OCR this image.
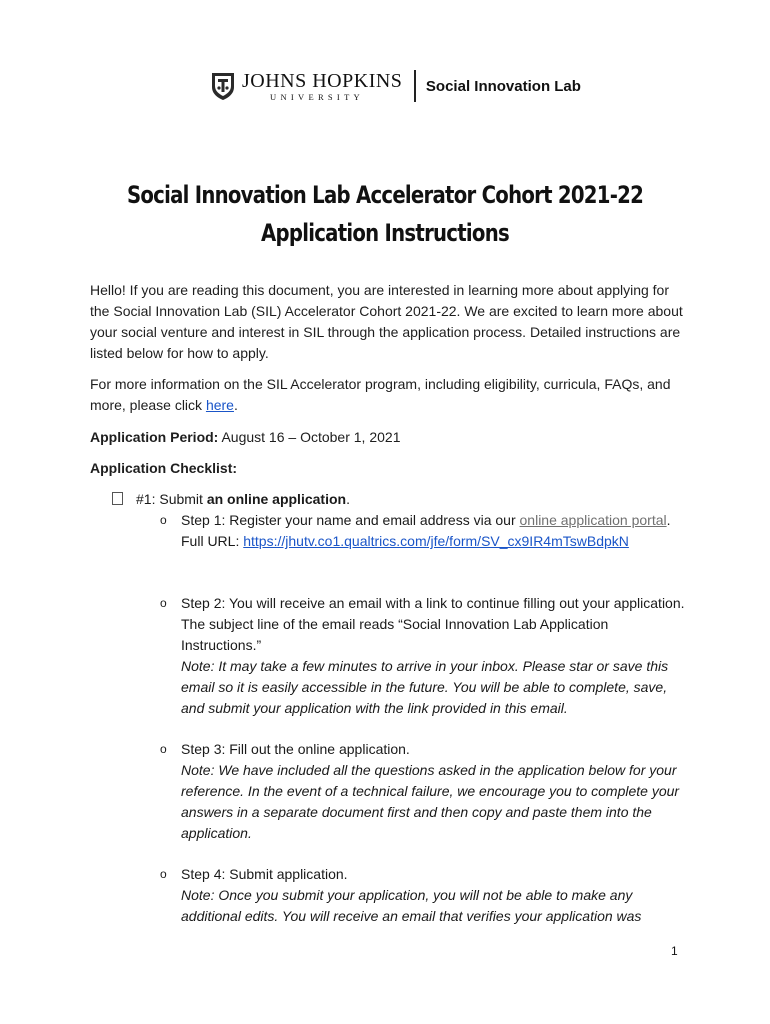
JOHNS HOPKINS
UNIVERSITY
Social Innovation Lab
Social Innovation Lab Accelerator Cohort 2021-22
Application Instructions

Hello! If you are reading this document, you are interested in learning more about applying for the Social Innovation Lab (SIL) Accelerator Cohort 2021-22. We are excited to learn more about your social venture and interest in SIL through the application process. Detailed instructions are listed below for how to apply.

For more information on the SIL Accelerator program, including eligibility, curricula, FAQs, and more, please click here.

Application Period: August 16 – October 1, 2021

Application Checklist:

#1: Submit an online application.
o Step 1: Register your name and email address via our online application portal.
Full URL: https://jhutv.co1.qualtrics.com/jfe/form/SV_cx9IR4mTswBdpkN
o Step 2: You will receive an email with a link to continue filling out your application. The subject line of the email reads “Social Innovation Lab Application Instructions.”
Note: It may take a few minutes to arrive in your inbox. Please star or save this email so it is easily accessible in the future. You will be able to complete, save, and submit your application with the link provided in this email.
o Step 3: Fill out the online application.
Note: We have included all the questions asked in the application below for your reference. In the event of a technical failure, we encourage you to complete your answers in a separate document first and then copy and paste them into the application.
o Step 4: Submit application.
Note: Once you submit your application, you will not be able to make any additional edits. You will receive an email that verifies your application was
1
